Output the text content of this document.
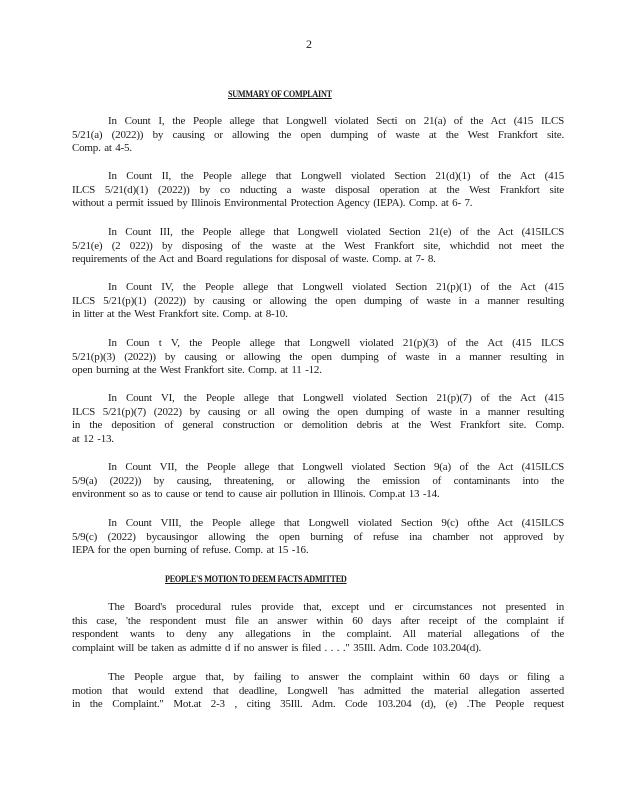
2
SUMMARY OF COMPLAINT
In Count I, the People allege that Longwell violated Secti on 21(a) of the Act (415 ILCS
5/21(a) (2022)) by causing or allowing the open dumping of waste at the West Frankfort site.
Comp. at 4-5.
In Count II, the People allege that Longwell violated Section 21(d)(1) of the Act (415
ILCS 5/21(d)(1) (2022)) by co nducting a waste disposal operation at the West Frankfort site
without a permit issued by Illinois Environmental Protection Agency (IEPA). Comp. at 6- 7.
In Count III, the People allege that Longwell violated Section 21(e) of the Act (415ILCS
5/21(e) (2 022)) by disposing of the waste at the West Frankfort site, whichdid not meet the
requirements of the Act and Board regulations for disposal of waste. Comp. at 7- 8.
In Count IV, the People allege that Longwell violated Section 21(p)(1) of the Act (415
ILCS 5/21(p)(1) (2022)) by causing or allowing the open dumping of waste in a manner resulting
in litter at the West Frankfort site. Comp. at 8-10.
In Coun t V, the People allege that Longwell violated 21(p)(3) of the Act (415 ILCS
5/21(p)(3) (2022)) by causing or allowing the open dumping of waste in a manner resulting in
open burning at the West Frankfort site. Comp. at 11 -12.
In Count VI, the People allege that Longwell violated Section 21(p)(7) of the Act (415
ILCS 5/21(p)(7) (2022) by causing or all owing the open dumping of waste in a manner resulting
in the deposition of general construction or demolition debris at the West Frankfort site. Comp.
at 12 -13.
In Count VII, the People allege that Longwell violated Section 9(a) of the Act (415ILCS
5/9(a) (2022)) by causing, threatening, or allowing the emission of contaminants into the
environment so as to cause or tend to cause air pollution in Illinois. Comp.at 13 -14.
In Count VIII, the People allege that Longwell violated Section 9(c) ofthe Act (415ILCS
5/9(c) (2022) bycausingor allowing the open burning of refuse ina chamber not approved by
IEPA for the open burning of refuse. Comp. at 15 -16.
PEOPLE'S MOTION TO DEEM FACTS ADMITTED
The Board's procedural rules provide that, except und er circumstances not presented in
this case, 'the respondent must file an answer within 60 days after receipt of the complaint if
respondent wants to deny any allegations in the complaint. All material allegations of the
complaint will be taken as admitte d if no answer is filed . . . ." 35Ill. Adm. Code 103.204(d).
The People argue that, by failing to answer the complaint within 60 days or filing a
motion that would extend that deadline, Longwell 'has admitted the material allegation asserted
in the Complaint." Mot.at 2-3 , citing 35Ill. Adm. Code 103.204 (d), (e) .The People request
